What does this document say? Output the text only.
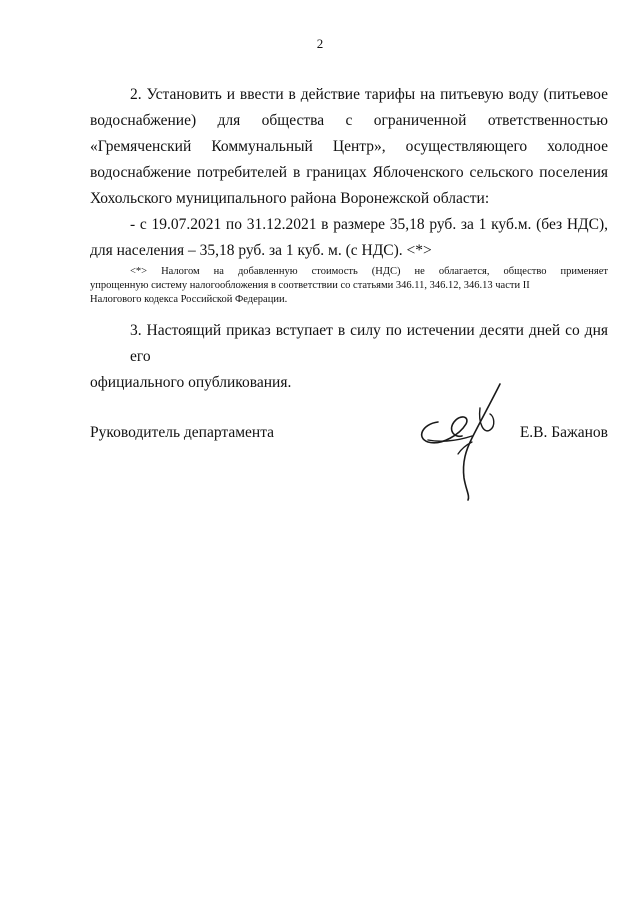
2
2. Установить и ввести в действие тарифы на питьевую воду (питьевое
водоснабжение) для общества с ограниченной ответственностью
«Гремяченский Коммунальный Центр», осуществляющего холодное
водоснабжение потребителей в границах Яблоченского сельского поселения
Хохольского муниципального района Воронежской области:
- с 19.07.2021 по 31.12.2021 в размере 35,18 руб. за 1 куб.м. (без НДС),
для населения – 35,18 руб. за 1 куб. м. (с НДС). <*>
<*> Налогом на добавленную стоимость (НДС) не облагается, общество применяет
упрощенную систему налогообложения в соответствии со статьями 346.11, 346.12, 346.13 части II
Налогового кодекса Российской Федерации.
3. Настоящий приказ вступает в силу по истечении десяти дней со дня его
официального опубликования.
Руководитель департамента	Е.В. Бажанов
